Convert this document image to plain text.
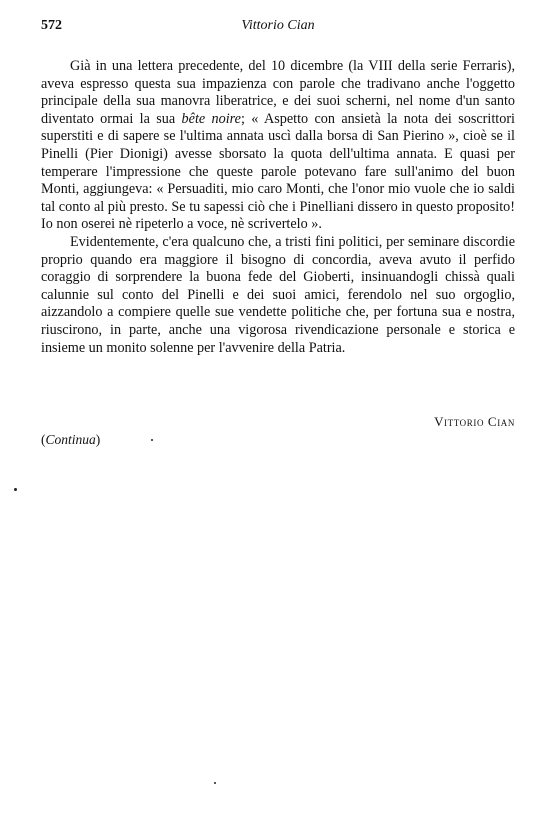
572	Vittorio Cian

Già in una lettera precedente, del 10 dicembre (la VIII della serie Ferraris), aveva espresso questa sua impazienza con parole che tradivano anche l'oggetto principale della sua manovra liberatrice, e dei suoi scherni, nel nome d'un santo diventato ormai la sua bête noire; « Aspetto con ansietà la nota dei soscrittori superstiti e di sapere se l'ultima annata uscì dalla borsa di San Pierino », cioè se il Pinelli (Pier Dionigi) avesse sborsato la quota dell'ultima annata. E quasi per temperare l'impressione che queste parole potevano fare sull'animo del buon Monti, aggiungeva: « Persuaditi, mio caro Monti, che l'onor mio vuole che io saldi tal conto al più presto. Se tu sapessi ciò che i Pinelliani dissero in questo proposito! Io non oserei nè ripeterlo a voce, nè scrivertelo ».

Evidentemente, c'era qualcuno che, a tristi fini politici, per seminare discordie proprio quando era maggiore il bisogno di concordia, aveva avuto il perfido coraggio di sorprendere la buona fede del Gioberti, insinuandogli chissà quali calunnie sul conto del Pinelli e dei suoi amici, ferendolo nel suo orgoglio, aizzandolo a compiere quelle sue vendette politiche che, per fortuna sua e nostra, riuscirono, in parte, anche una vigorosa rivendicazione personale e storica e insieme un monito solenne per l'avvenire della Patria.

Vittorio Cian
(Continua)
